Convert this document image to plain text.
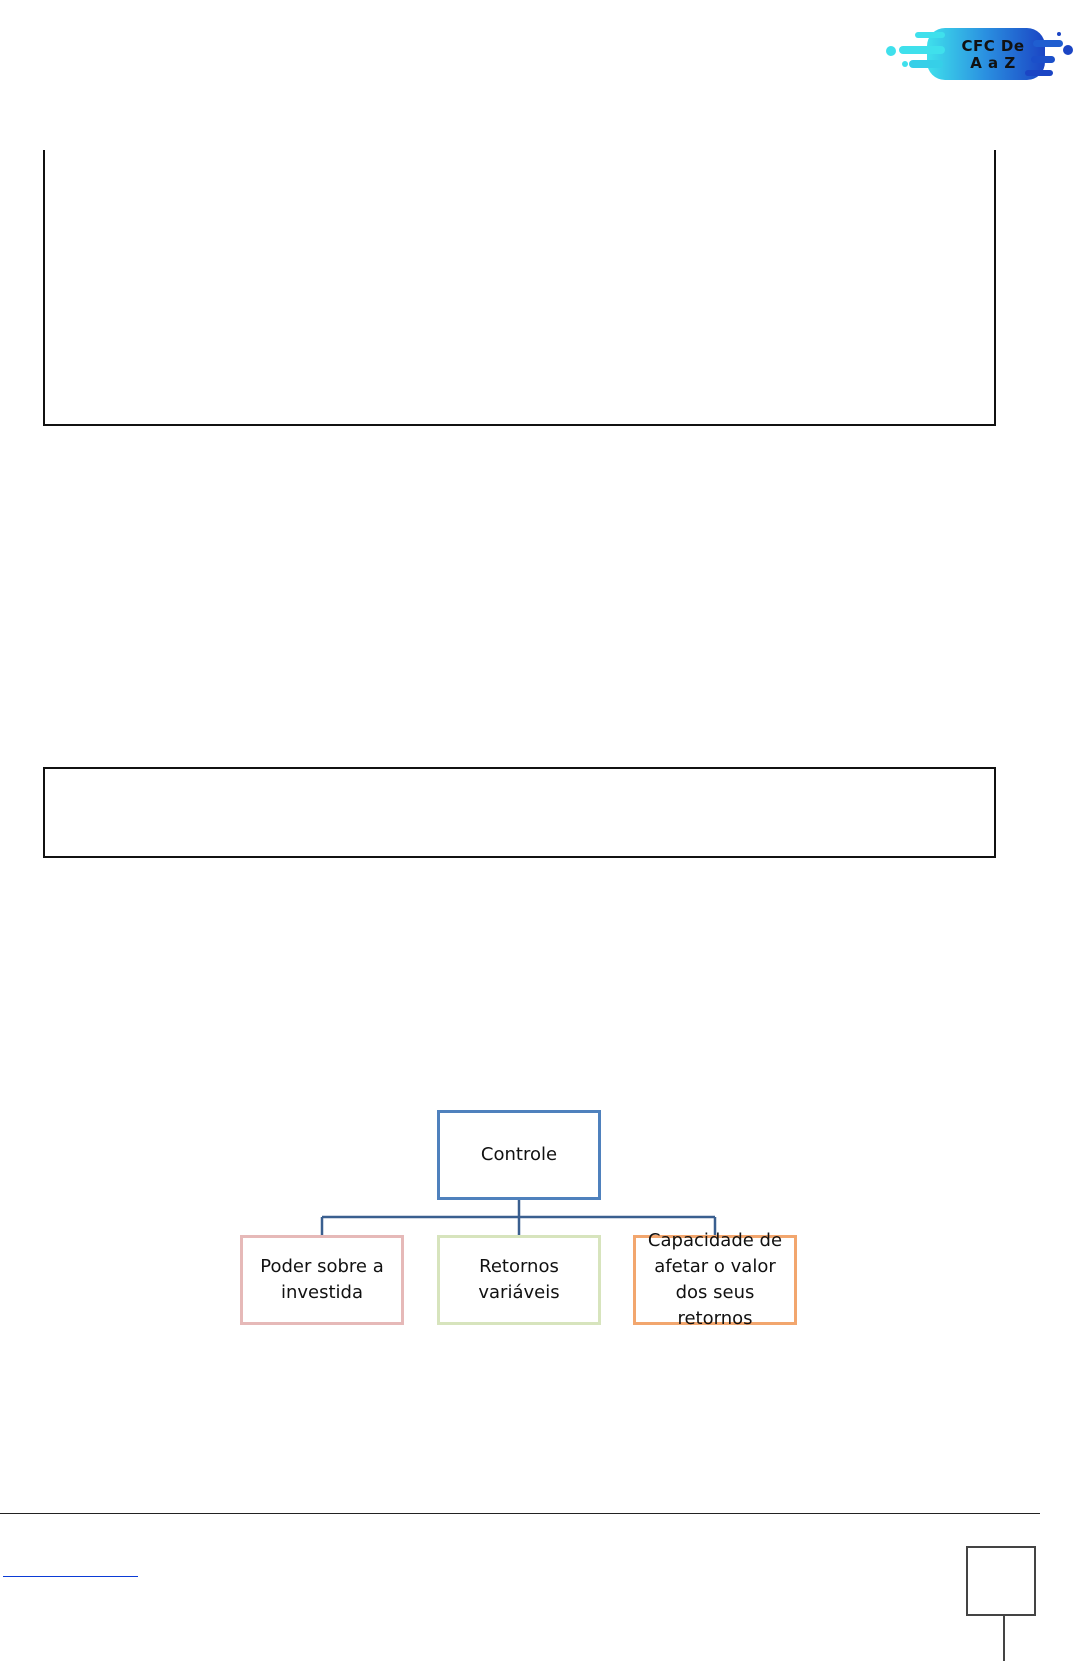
CFC De
A a Z
Controle
Poder sobre a investida
Retornos variáveis
Capacidade de afetar o valor dos seus retornos
